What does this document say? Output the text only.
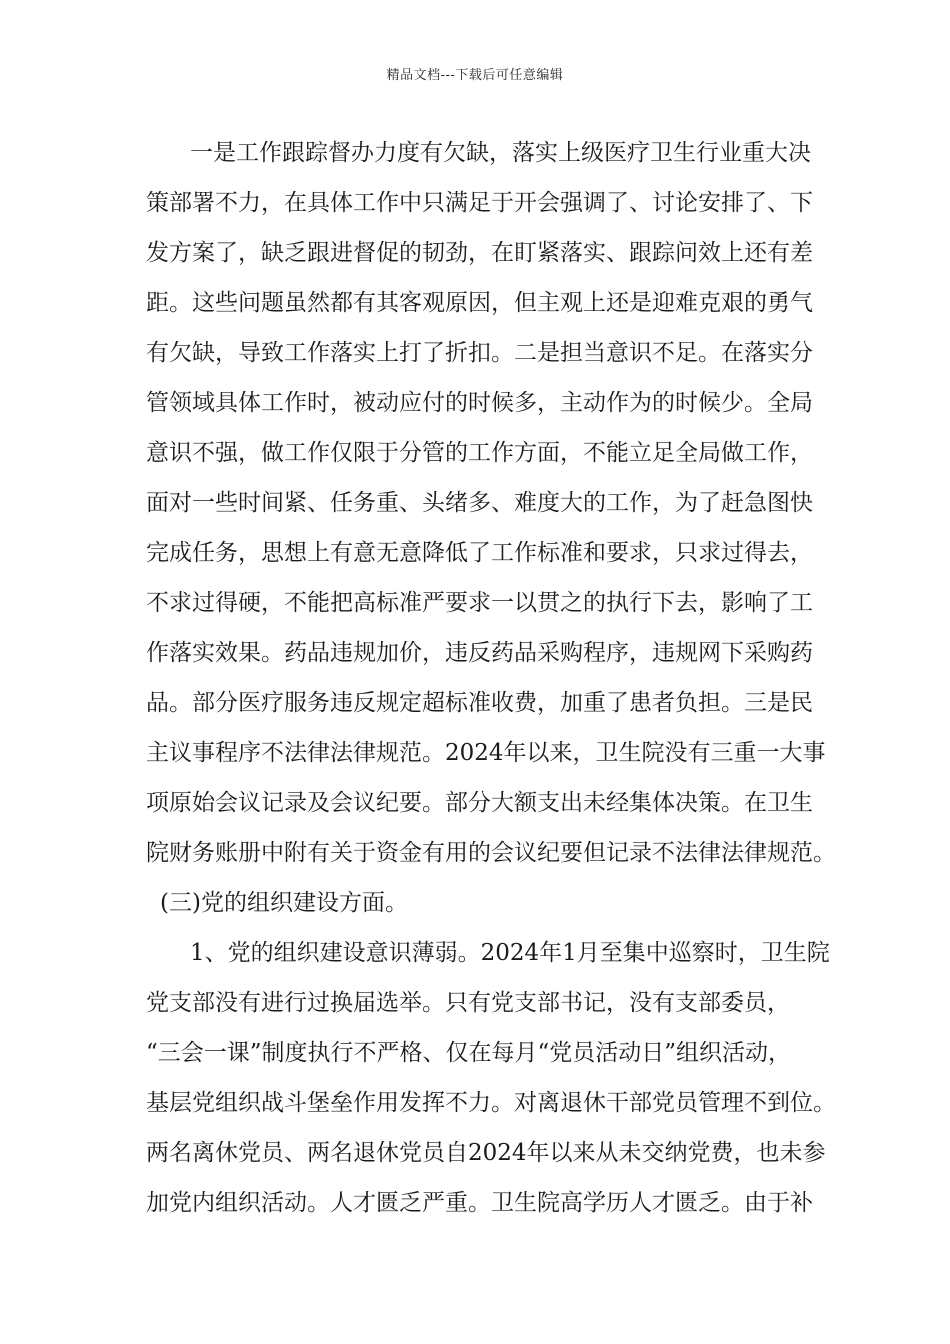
精品文档---下载后可任意编辑
一是工作跟踪督办力度有欠缺，落实上级医疗卫生行业重大决
策部署不力，在具体工作中只满足于开会强调了、讨论安排了、下
发方案了，缺乏跟进督促的韧劲，在盯紧落实、跟踪问效上还有差
距。这些问题虽然都有其客观原因，但主观上还是迎难克艰的勇气
有欠缺，导致工作落实上打了折扣。二是担当意识不足。在落实分
管领域具体工作时，被动应付的时候多，主动作为的时候少。全局
意识不强，做工作仅限于分管的工作方面，不能立足全局做工作，
面对一些时间紧、任务重、头绪多、难度大的工作，为了赶急图快
完成任务，思想上有意无意降低了工作标准和要求，只求过得去，
不求过得硬，不能把高标准严要求一以贯之的执行下去，影响了工
作落实效果。药品违规加价，违反药品采购程序，违规网下采购药
品。部分医疗服务违反规定超标准收费，加重了患者负担。三是民
主议事程序不法律法律规范。2024年以来，卫生院没有三重一大事
项原始会议记录及会议纪要。部分大额支出未经集体决策。在卫生
院财务账册中附有关于资金有用的会议纪要但记录不法律法律规范。
(三)党的组织建设方面。
1、党的组织建设意识薄弱。2024年1月至集中巡察时，卫生院
党支部没有进行过换届选举。只有党支部书记，没有支部委员，
“三会一课”制度执行不严格、仅在每月“党员活动日”组织活动，
基层党组织战斗堡垒作用发挥不力。对离退休干部党员管理不到位。
两名离休党员、两名退休党员自2024年以来从未交纳党费，也未参
加党内组织活动。人才匮乏严重。卫生院高学历人才匮乏。由于补
